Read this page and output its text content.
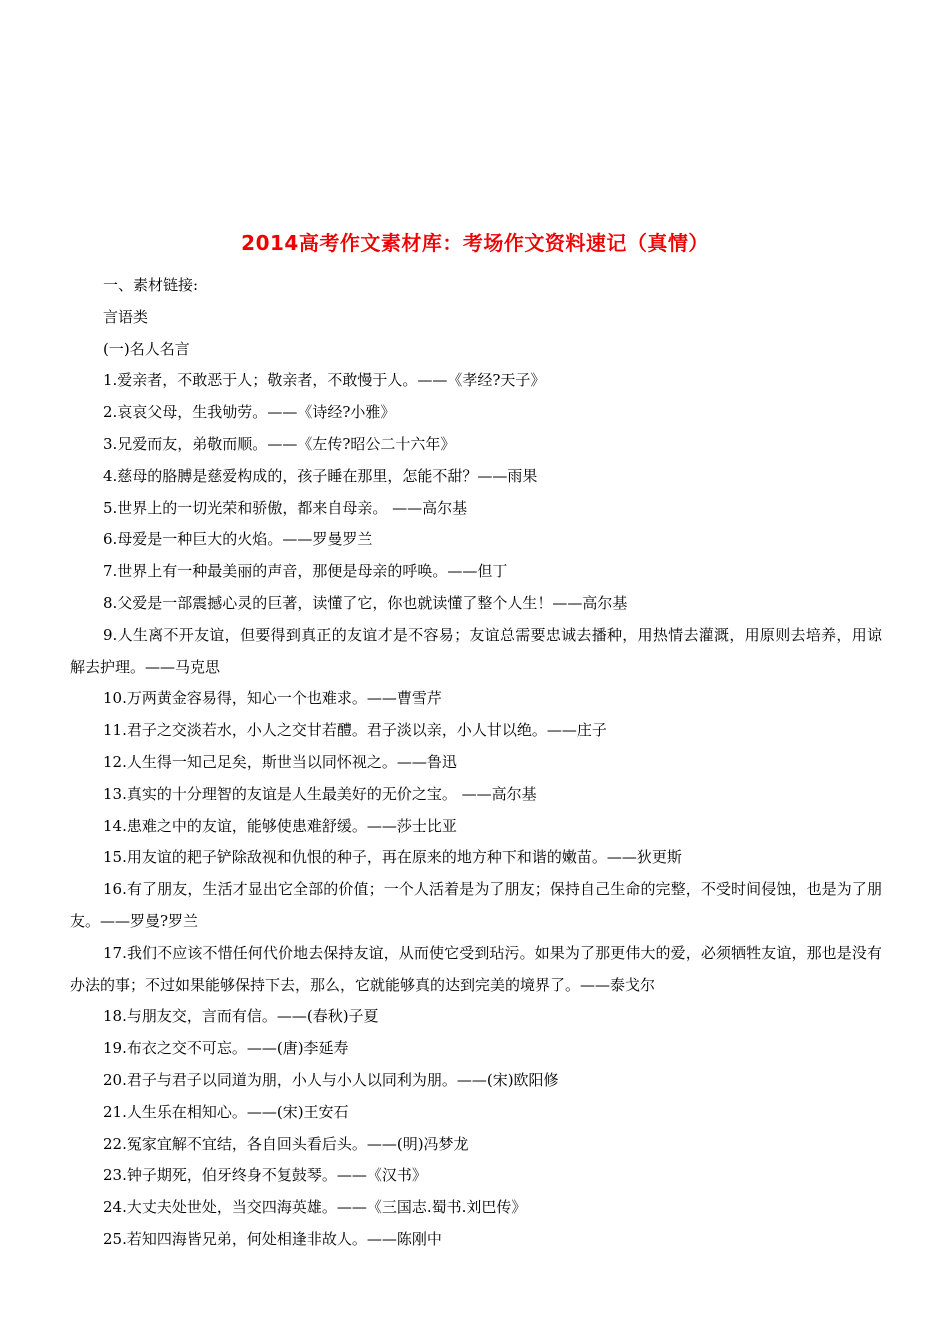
2014高考作文素材库：考场作文资料速记（真情）
一、素材链接:
言语类
(一)名人名言
1.爱亲者，不敢恶于人；敬亲者，不敢慢于人。——《孝经?天子》
2.哀哀父母，生我劬劳。——《诗经?小雅》
3.兄爱而友，弟敬而顺。——《左传?昭公二十六年》
4.慈母的胳膊是慈爱构成的，孩子睡在那里，怎能不甜？——雨果
5.世界上的一切光荣和骄傲，都来自母亲。 ——高尔基
6.母爱是一种巨大的火焰。——罗曼罗兰
7.世界上有一种最美丽的声音，那便是母亲的呼唤。——但丁
8.父爱是一部震撼心灵的巨著，读懂了它，你也就读懂了整个人生！——高尔基
9.人生离不开友谊，但要得到真正的友谊才是不容易；友谊总需要忠诚去播种，用热情去灌溉，用原则去培养，用谅解去护理。——马克思
10.万两黄金容易得，知心一个也难求。——曹雪芹
11.君子之交淡若水，小人之交甘若醴。君子淡以亲，小人甘以绝。——庄子
12.人生得一知己足矣，斯世当以同怀视之。——鲁迅
13.真实的十分理智的友谊是人生最美好的无价之宝。 ——高尔基
14.患难之中的友谊，能够使患难舒缓。——莎士比亚
15.用友谊的耙子铲除敌视和仇恨的种子，再在原来的地方种下和谐的嫩苗。——狄更斯
16.有了朋友，生活才显出它全部的价值；一个人活着是为了朋友；保持自己生命的完整，不受时间侵蚀，也是为了朋友。——罗曼?罗兰
17.我们不应该不惜任何代价地去保持友谊，从而使它受到玷污。如果为了那更伟大的爱，必须牺牲友谊，那也是没有办法的事；不过如果能够保持下去，那么，它就能够真的达到完美的境界了。——泰戈尔
18.与朋友交，言而有信。——(春秋)子夏
19.布衣之交不可忘。——(唐)李延寿
20.君子与君子以同道为朋，小人与小人以同利为朋。——(宋)欧阳修
21.人生乐在相知心。——(宋)王安石
22.冤家宜解不宜结，各自回头看后头。——(明)冯梦龙
23.钟子期死，伯牙终身不复鼓琴。——《汉书》
24.大丈夫处世处，当交四海英雄。——《三国志.蜀书.刘巴传》
25.若知四海皆兄弟，何处相逢非故人。——陈刚中
